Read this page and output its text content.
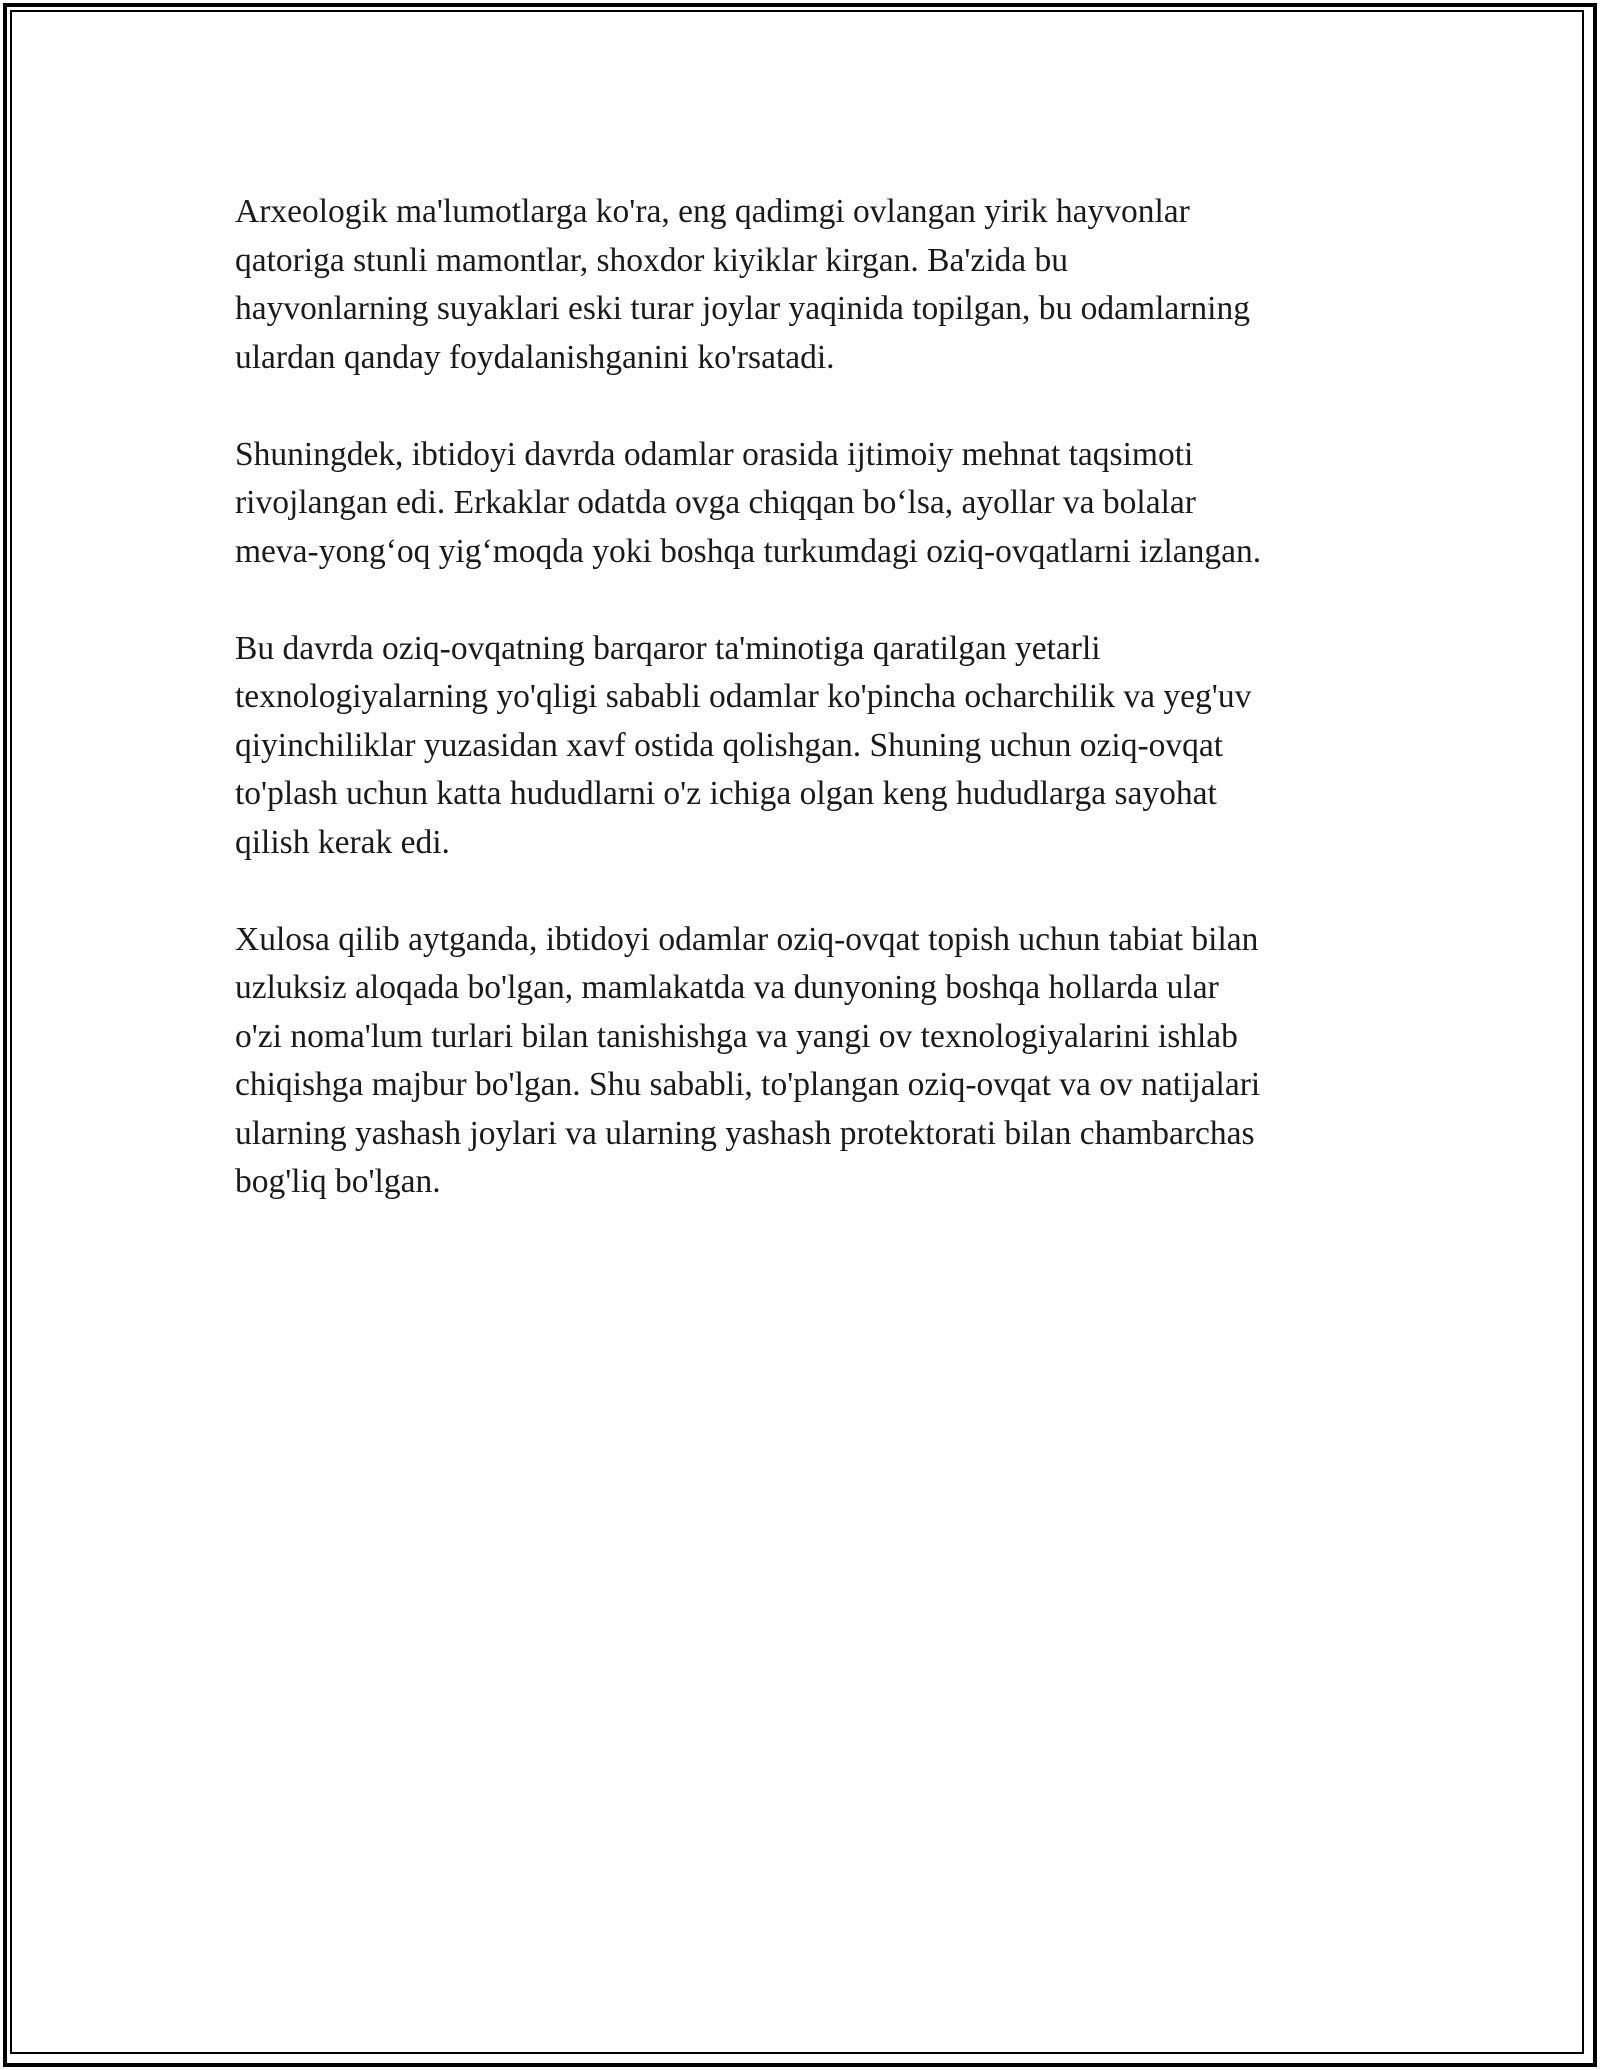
Arxeologik ma'lumotlarga ko'ra, eng qadimgi ovlangan yirik hayvonlar
qatoriga stunli mamontlar, shoxdor kiyiklar kirgan. Ba'zida bu
hayvonlarning suyaklari eski turar joylar yaqinida topilgan, bu odamlarning
ulardan qanday foydalanishganini ko'rsatadi.

Shuningdek, ibtidoyi davrda odamlar orasida ijtimoiy mehnat taqsimoti
rivojlangan edi. Erkaklar odatda ovga chiqqan bo‘lsa, ayollar va bolalar
meva-yong‘oq yig‘moqda yoki boshqa turkumdagi oziq-ovqatlarni izlangan.

Bu davrda oziq-ovqatning barqaror ta'minotiga qaratilgan yetarli
texnologiyalarning yo'qligi sababli odamlar ko'pincha ocharchilik va yeg'uv
qiyinchiliklar yuzasidan xavf ostida qolishgan. Shuning uchun oziq-ovqat
to'plash uchun katta hududlarni o'z ichiga olgan keng hududlarga sayohat
qilish kerak edi.

Xulosa qilib aytganda, ibtidoyi odamlar oziq-ovqat topish uchun tabiat bilan
uzluksiz aloqada bo'lgan, mamlakatda va dunyoning boshqa hollarda ular
o'zi noma'lum turlari bilan tanishishga va yangi ov texnologiyalarini ishlab
chiqishga majbur bo'lgan. Shu sababli, to'plangan oziq-ovqat va ov natijalari
ularning yashash joylari va ularning yashash protektorati bilan chambarchas
bog'liq bo'lgan.
